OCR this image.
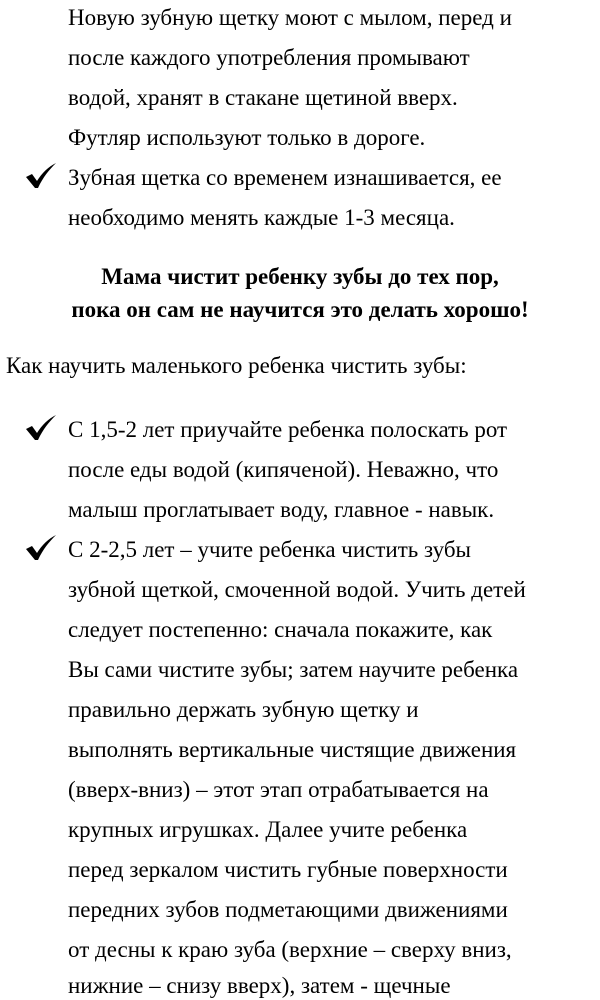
Новую зубную щетку моют с мылом, перед и
после каждого употребления промывают
водой, хранят в стакане щетиной вверх.
Футляр используют только в дороге.
Зубная щетка со временем изнашивается, ее
необходимо менять каждые 1-3 месяца.
Мама чистит ребенку зубы до тех пор,
пока он сам не научится это делать хорошо!
Как научить маленького ребенка чистить зубы:
С 1,5-2 лет приучайте ребенка полоскать рот
после еды водой (кипяченой). Неважно, что
малыш проглатывает воду, главное - навык.
С 2-2,5 лет – учите ребенка чистить зубы
зубной щеткой, смоченной водой. Учить детей
следует постепенно: сначала покажите, как
Вы сами чистите зубы; затем научите ребенка
правильно держать зубную щетку и
выполнять вертикальные чистящие движения
(вверх-вниз) – этот этап отрабатывается на
крупных игрушках. Далее учите ребенка
перед зеркалом чистить губные поверхности
передних зубов подметающими движениями
от десны к краю зуба (верхние – сверху вниз,
нижние – снизу вверх), затем - щечные
